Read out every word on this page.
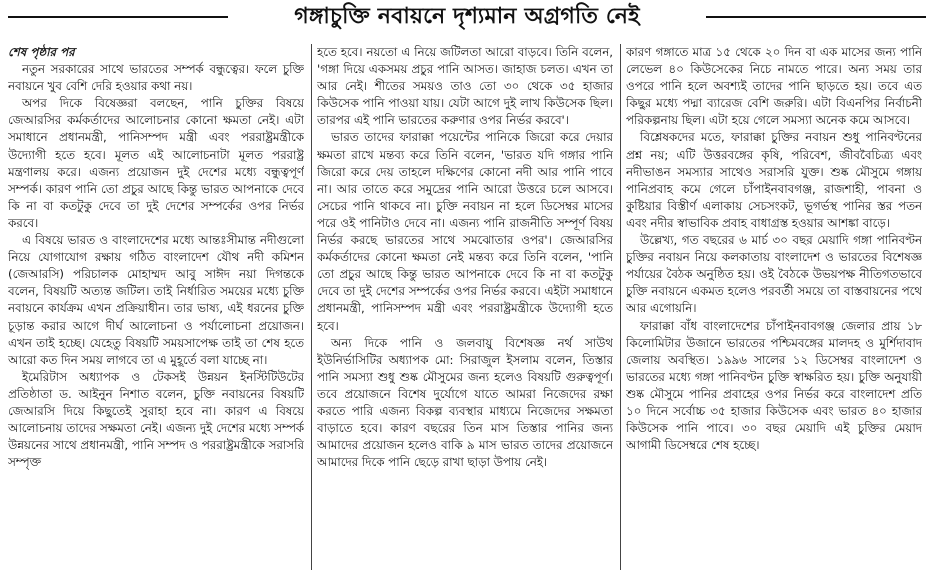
গঙ্গাচুক্তি নবায়নে দৃশ্যমান অগ্রগতি নেই
শেষ পৃষ্ঠার পর

নতুন সরকারের সাথে ভারতের সম্পর্ক বন্ধুত্বের। ফলে চুক্তি নবায়নে খুব বেশি দেরি হওয়ার কথা নয়।

অপর দিকে বিষেজ্ঞরা বলছেন, পানি চুক্তির বিষয়ে জেআরসির কর্মকর্তাদের আলোচনার কোনো ক্ষমতা নেই। এটা সমাধানে প্রধানমন্ত্রী, পানিসম্পদ মন্ত্রী এবং পররাষ্ট্রমন্ত্রীকে উদ্যোগী হতে হবে। মূলত এই আলোচনাটা মূলত পররাষ্ট্র মন্ত্রণালয় করে। এজন্য প্রয়োজন দুই দেশের মধ্যে বন্ধুত্বপূর্ণ সম্পর্ক। কারণ পানি তো প্রচুর আছে কিন্তু ভারত আপনাকে দেবে কি না বা কতটুকু দেবে তা দুই দেশের সম্পর্কের ওপর নির্ভর করবে।

এ বিষয়ে ভারত ও বাংলাদেশের মধ্যে আন্তঃসীমান্ত নদীগুলো নিয়ে যোগাযোগ রক্ষায় গঠিত বাংলাদেশ যৌথ নদী কমিশন (জেআরসি) পরিচালক মোহাম্মদ আবু সাঈদ নয়া দিগন্তকে বলেন, বিষয়টি অত্যন্ত জটিল। তাই নির্ধারিত সময়ের মধ্যে চুক্তি নবায়নে কার্যক্রম এখন প্রক্রিয়াধীন। তার ভাষ্য, এই ধরনের চুক্তি চূড়ান্ত করার আগে দীর্ঘ আলোচনা ও পর্যালোচনা প্রয়োজন। এখন তাই হচ্ছে। যেহেতু বিষয়টি সময়সাপেক্ষ তাই তা শেষ হতে আরো কত দিন সময় লাগবে তা এ মুহূর্তে বলা যাচ্ছে না।

ইমেরিটাস অধ্যাপক ও টেকসই উন্নয়ন ইনস্টিটিউটের প্রতিষ্ঠাতা ড. আইনুন নিশাত বলেন, চুক্তি নবায়নের বিষয়টি জেআরসি দিয়ে কিছুতেই সুরাহা হবে না। কারণ এ বিষয়ে আলোচনায় তাদের সক্ষমতা নেই। এজন্য দুই দেশের মধ্যে সম্পর্ক উন্নয়নের সাথে প্রধানমন্ত্রী, পানি সম্পদ ও পররাষ্ট্রমন্ত্রীকে সরাসরি সম্পৃক্ত

হতে হবে। নয়তো এ নিয়ে জটিলতা আরো বাড়বে। তিনি বলেন, 'গঙ্গা দিয়ে একসময় প্রচুর পানি আসত। জাহাজ চলত। এখন তা আর নেই। শীতের সময়ও তাও তো ৩০ থেকে ৩৫ হাজার কিউসেক পানি পাওয়া যায়। যেটা আগে দুই লাখ কিউসেক ছিল। তারপর এই পানি ভারতের করুণার ওপর নির্ভর করবে'।

ভারত তাদের ফারাক্কা পয়েন্টের পানিকে জিরো করে দেয়ার ক্ষমতা রাখে মন্তব্য করে তিনি বলেন, 'ভারত যদি গঙ্গার পানি জিরো করে দেয় তাহলে দক্ষিণের কোনো নদী আর পানি পাবে না। আর তাতে করে সমুদ্রের পানি আরো উত্তরে চলে আসবে। সেচের পানি থাকবে না। চুক্তি নবায়ন না হলে ডিসেম্বর মাসের পরে ওই পানিটাও দেবে না। এজন্য পানি রাজনীতি সম্পূর্ণ বিষয় নির্ভর করছে ভারতের সাথে সমঝোতার ওপর'। জেআরসির কর্মকর্তাদের কোনো ক্ষমতা নেই মন্তব্য করে তিনি বলেন, 'পানি তো প্রচুর আছে কিন্তু ভারত আপনাকে দেবে কি না বা কতটুকু দেবে তা দুই দেশের সম্পর্কের ওপর নির্ভর করবে। এইটা সমাধানে প্রধানমন্ত্রী, পানিসম্পদ মন্ত্রী এবং পররাষ্ট্রমন্ত্রীকে উদ্যোগী হতে হবে।

অন্য দিকে পানি ও জলবায়ু বিশেষজ্ঞ নর্থ সাউথ ইউনির্ভাসিটির অধ্যাপক মো: সিরাজুল ইসলাম বলেন, তিস্তার পানি সমস্যা শুধু শুষ্ক মৌসুমের জন্য হলেও বিষয়টি গুরুত্বপূর্ণ। তবে প্রয়োজনে বিশেষ দুর্যোগে যাতে আমরা নিজেদের রক্ষা করতে পারি এজন্য বিকল্প ব্যবস্থার মাধ্যমে নিজেদের সক্ষমতা বাড়াতে হবে। কারণ বছরের তিন মাস তিস্তার পানির জন্য আমাদের প্রয়োজন হলেও বাকি ৯ মাস ভারত তাদের প্রয়োজনে আমাদের দিকে পানি ছেড়ে রাখা ছাড়া উপায় নেই।

কারণ গঙ্গাতে মাত্র ১৫ থেকে ২০ দিন বা এক মাসের জন্য পানি লেভেল ৪০ কিউসেকের নিচে নামতে পারে। অন্য সময় তার ওপরে পানি হলে অবশ্যই তাদের পানি ছাড়তে হয়। তবে এত কিছুর মধ্যে পদ্মা ব্যারেজ বেশি জরুরি। এটা বিএনপির নির্বাচনী পরিকল্পনায় ছিল। এটা হয়ে গেলে সমস্যা অনেক কমে আসবে।

বিশ্লেষকদের মতে, ফারাক্কা চুক্তির নবায়ন শুধু পানিবণ্টনের প্রশ্ন নয়; এটি উত্তরবঙ্গের কৃষি, পরিবেশ, জীববৈচিত্র্য এবং নদীভাঙন সমস্যার সাথেও সরাসরি যুক্ত। শুষ্ক মৌসুমে গঙ্গায় পানিপ্রবাহ কমে গেলে চাঁপাইনবাবগঞ্জ, রাজশাহী, পাবনা ও কুষ্টিয়ার বিস্তীর্ণ এলাকায় সেচসংকট, ভূগর্ভস্থ পানির স্তর পতন এবং নদীর স্বাভাবিক প্রবাহ বাধাগ্রস্ত হওয়ার আশঙ্কা বাড়ে।

উল্লেখ্য, গত বছরের ৬ মার্চ ৩০ বছর মেয়াদি গঙ্গা পানিবণ্টন চুক্তির নবায়ন নিয়ে কলকাতায় বাংলাদেশ ও ভারতের বিশেষজ্ঞ পর্যায়ের বৈঠক অনুষ্ঠিত হয়। ওই বৈঠকে উভয়পক্ষ নীতিগতভাবে চুক্তি নবায়নে একমত হলেও পরবর্তী সময়ে তা বাস্তবায়নের পথে আর এগোয়নি।

ফারাক্কা বাঁধ বাংলাদেশের চাঁপাইনবাবগঞ্জ জেলার প্রায় ১৮ কিলোমিটার উজানে ভারতের পশ্চিমবঙ্গের মালদহ ও মুর্শিদাবাদ জেলায় অবস্থিত। ১৯৯৬ সালের ১২ ডিসেম্বর বাংলাদেশ ও ভারতের মধ্যে গঙ্গা পানিবণ্টন চুক্তি স্বাক্ষরিত হয়। চুক্তি অনুযায়ী শুষ্ক মৌসুমে পানির প্রবাহের ওপর নির্ভর করে বাংলাদেশ প্রতি ১০ দিনে সর্বোচ্চ ৩৫ হাজার কিউসেক এবং ভারত ৪০ হাজার কিউসেক পানি পাবে। ৩০ বছর মেয়াদি এই চুক্তির মেয়াদ আগামী ডিসেম্বরে শেষ হচ্ছে।
